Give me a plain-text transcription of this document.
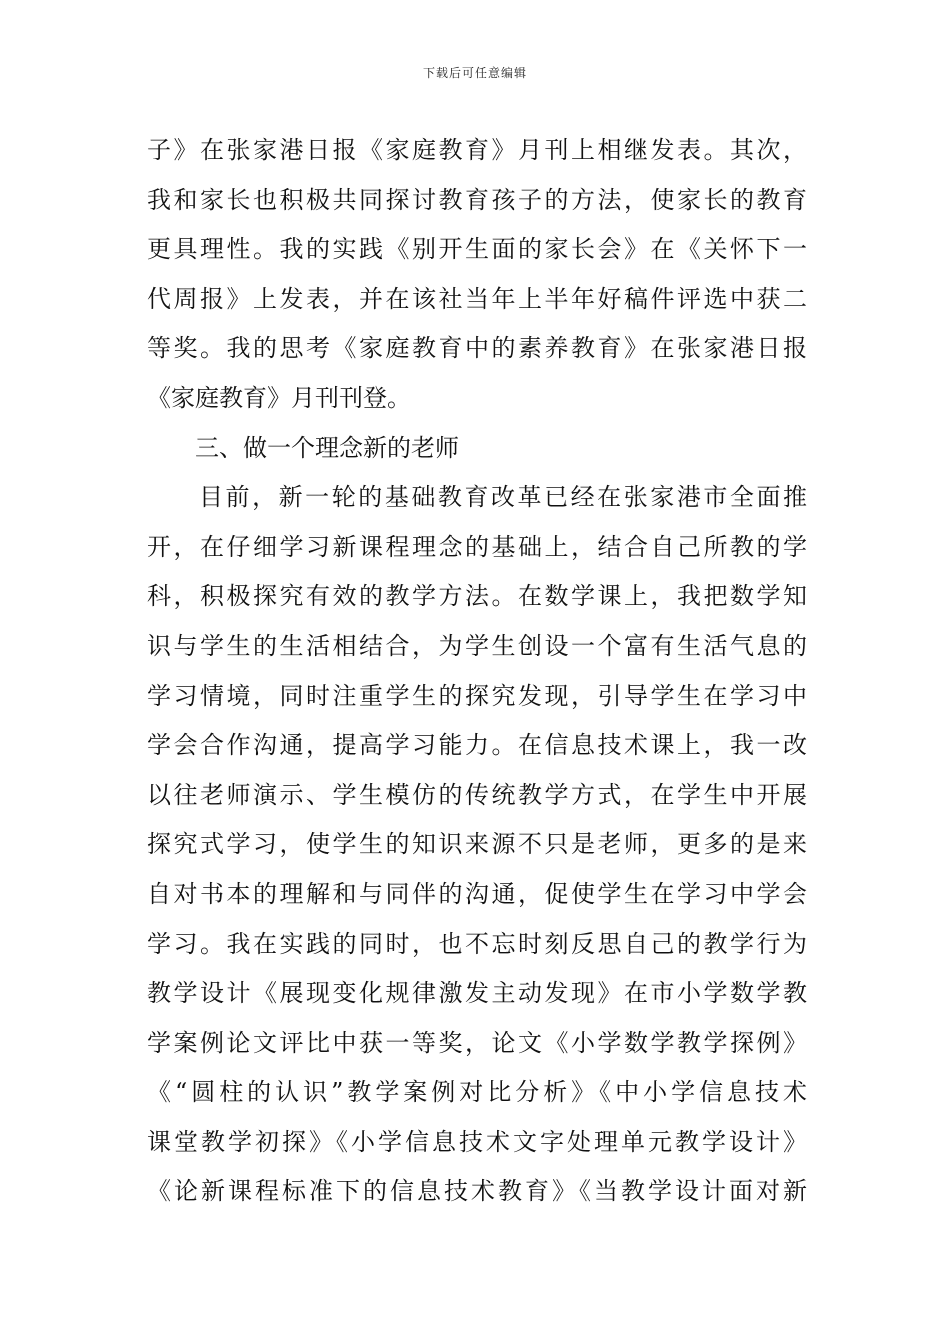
下载后可任意编辑
子》在张家港日报《家庭教育》月刊上相继发表。其次，
我和家长也积极共同探讨教育孩子的方法，使家长的教育
更具理性。我的实践《别开生面的家长会》在《关怀下一
代周报》上发表，并在该社当年上半年好稿件评选中获二
等奖。我的思考《家庭教育中的素养教育》在张家港日报
《家庭教育》月刊刊登。
三、做一个理念新的老师
目前，新一轮的基础教育改革已经在张家港市全面推
开，在仔细学习新课程理念的基础上，结合自己所教的学
科，积极探究有效的教学方法。在数学课上，我把数学知
识与学生的生活相结合，为学生创设一个富有生活气息的
学习情境，同时注重学生的探究发现，引导学生在学习中
学会合作沟通，提高学习能力。在信息技术课上，我一改
以往老师演示、学生模仿的传统教学方式，在学生中开展
探究式学习，使学生的知识来源不只是老师，更多的是来
自对书本的理解和与同伴的沟通，促使学生在学习中学会
学习。我在实践的同时，也不忘时刻反思自己的教学行为
教学设计《展现变化规律激发主动发现》在市小学数学教
学案例论文评比中获一等奖，论文《小学数学教学探例》
《“圆柱的认识”教学案例对比分析》《中小学信息技术
课堂教学初探》《小学信息技术文字处理单元教学设计》
《论新课程标准下的信息技术教育》《当教学设计面对新
